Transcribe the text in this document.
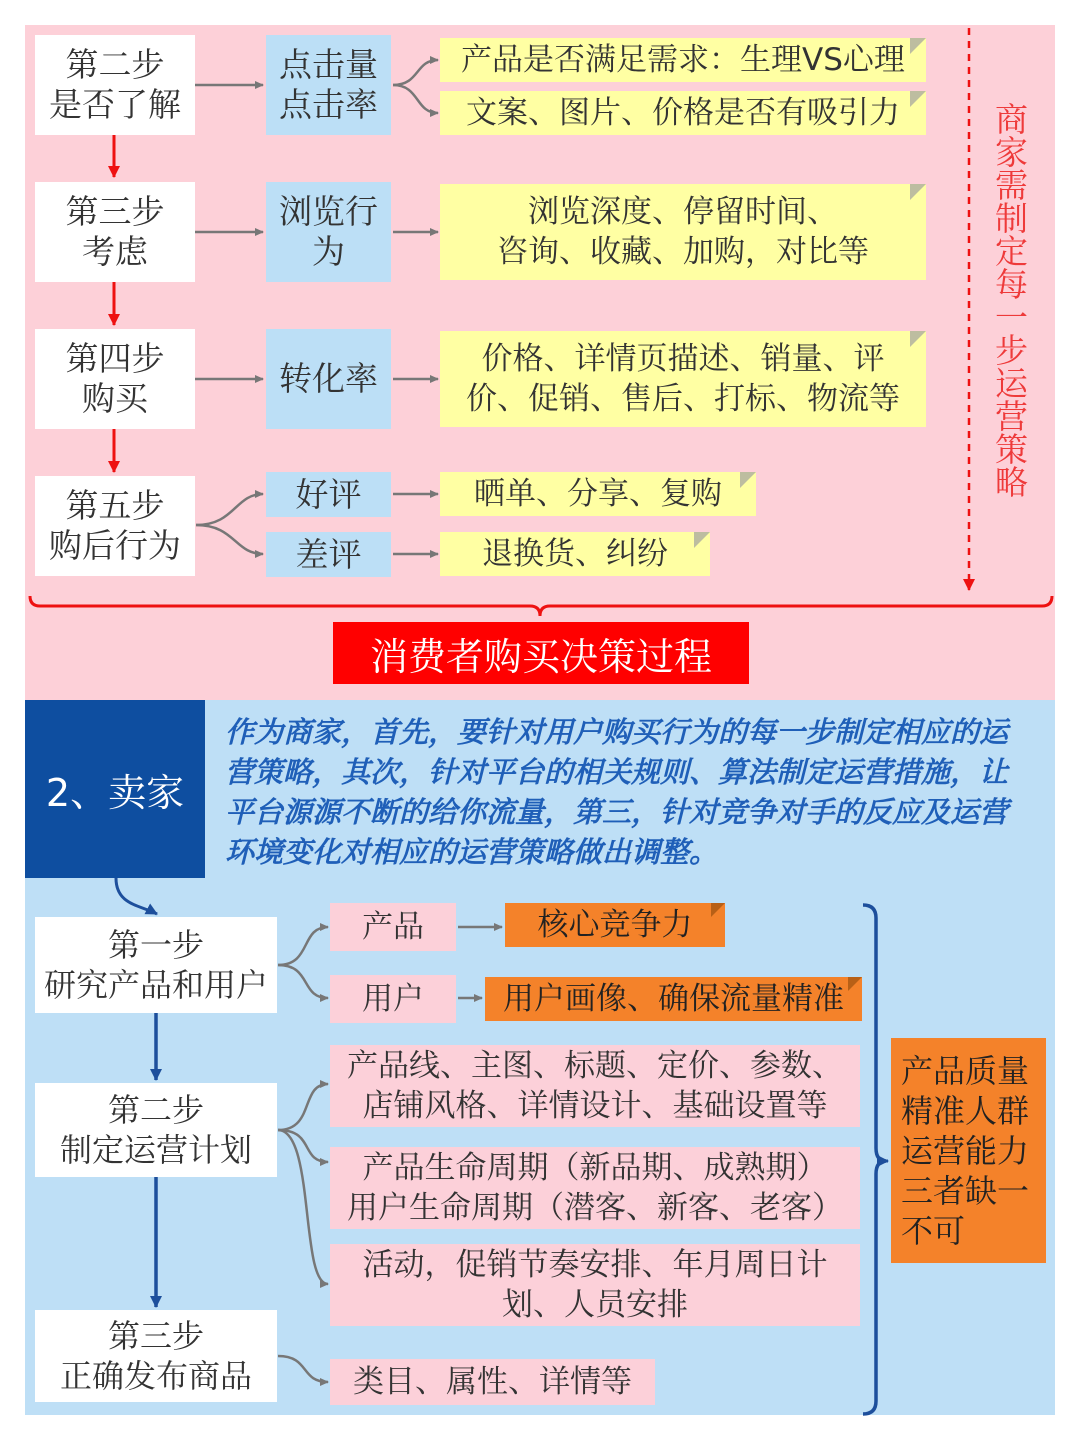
第二步
是否了解
第三步
考虑
第四步
购买
第五步
购后行为
点击量
点击率
浏览行
为
转化率
好评
差评
产品是否满足需求：生理VS心理
文案、图片、价格是否有吸引力
浏览深度、停留时间、
咨询、收藏、加购，对比等
价格、详情页描述、销量、评
价、促销、售后、打标、物流等
晒单、分享、复购
退换货、纠纷
商家需制定每一步运营策略
消费者购买决策过程
2、卖家
作为商家，首先，要针对用户购买行为的每一步制定相应的运营策略，其次，针对平台的相关规则、算法制定运营措施，让平台源源不断的给你流量，第三，针对竞争对手的反应及运营环境变化对相应的运营策略做出调整。
第一步
研究产品和用户
第二步
制定运营计划
第三步
正确发布商品
产品
用户
核心竞争力
用户画像、确保流量精准
产品线、主图、标题、定价、参数、
店铺风格、详情设计、基础设置等
产品生命周期（新品期、成熟期）
用户生命周期（潜客、新客、老客）
活动，促销节奏安排、年月周日计
划、人员安排
类目、属性、详情等
产品质量
精准人群
运营能力
三者缺一
不可
